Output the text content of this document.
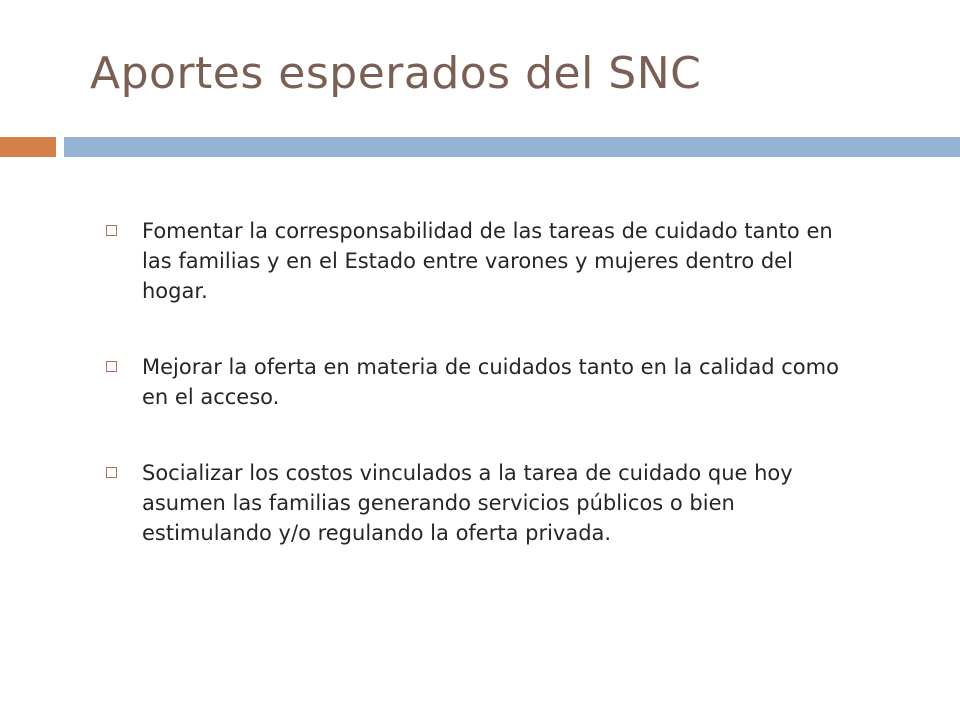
Aportes esperados del SNC
Fomentar la corresponsabilidad de las tareas de cuidado tanto en las familias y en el Estado entre varones y mujeres dentro del hogar.
Mejorar la oferta en materia de cuidados tanto en la calidad como en el acceso.
Socializar los costos vinculados a la tarea de cuidado que hoy asumen las familias generando servicios públicos o bien estimulando y/o regulando la oferta privada.
